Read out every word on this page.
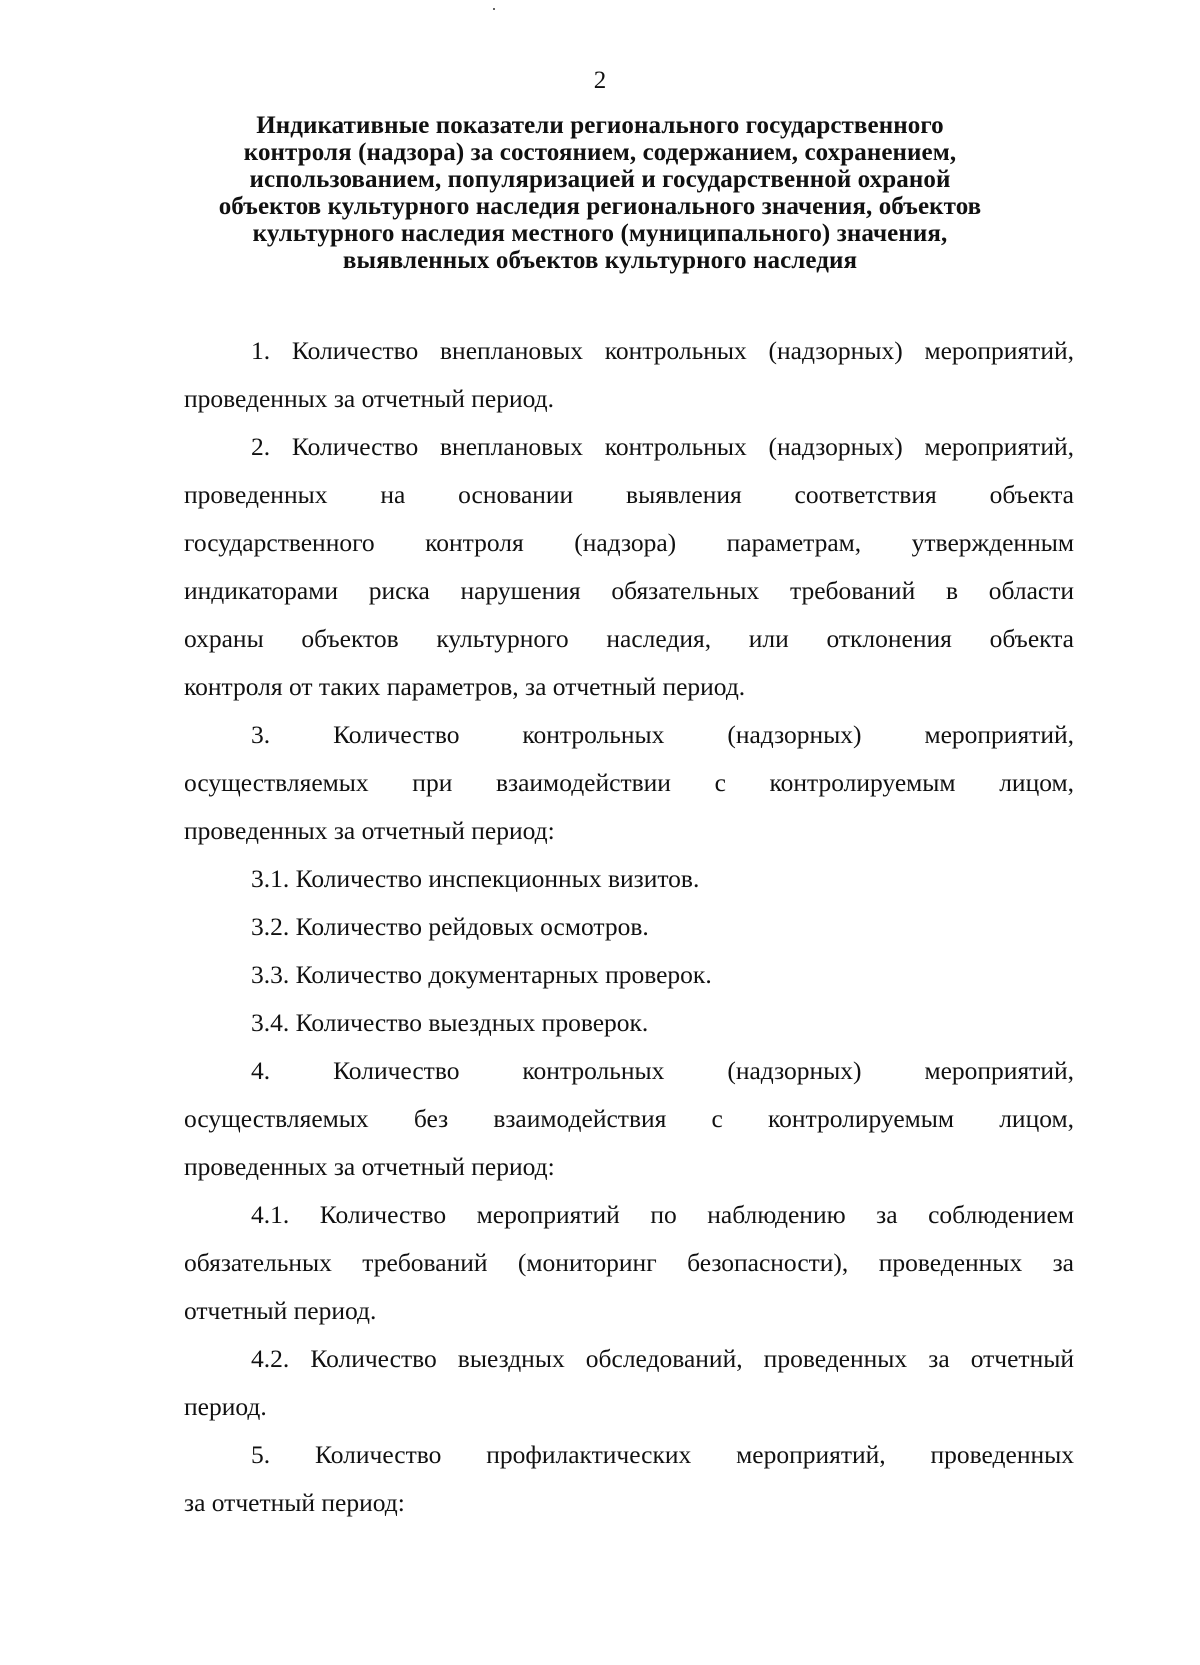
2
Индикативные показатели регионального государственного
контроля (надзора) за состоянием, содержанием, сохранением,
использованием, популяризацией и государственной охраной
объектов культурного наследия регионального значения, объектов
культурного наследия местного (муниципального) значения,
выявленных объектов культурного наследия
1. Количество внеплановых контрольных (надзорных) мероприятий,
проведенных за отчетный период.
2. Количество внеплановых контрольных (надзорных) мероприятий,
проведенных на основании выявления соответствия объекта
государственного контроля (надзора) параметрам, утвержденным
индикаторами риска нарушения обязательных требований в области
охраны объектов культурного наследия, или отклонения объекта
контроля от таких параметров, за отчетный период.
3. Количество контрольных (надзорных) мероприятий,
осуществляемых при взаимодействии с контролируемым лицом,
проведенных за отчетный период:
3.1. Количество инспекционных визитов.
3.2. Количество рейдовых осмотров.
3.3. Количество документарных проверок.
3.4. Количество выездных проверок.
4. Количество контрольных (надзорных) мероприятий,
осуществляемых без взаимодействия с контролируемым лицом,
проведенных за отчетный период:
4.1. Количество мероприятий по наблюдению за соблюдением
обязательных требований (мониторинг безопасности), проведенных за
отчетный период.
4.2. Количество выездных обследований, проведенных за отчетный
период.
5. Количество профилактических мероприятий, проведенных
за отчетный период:
